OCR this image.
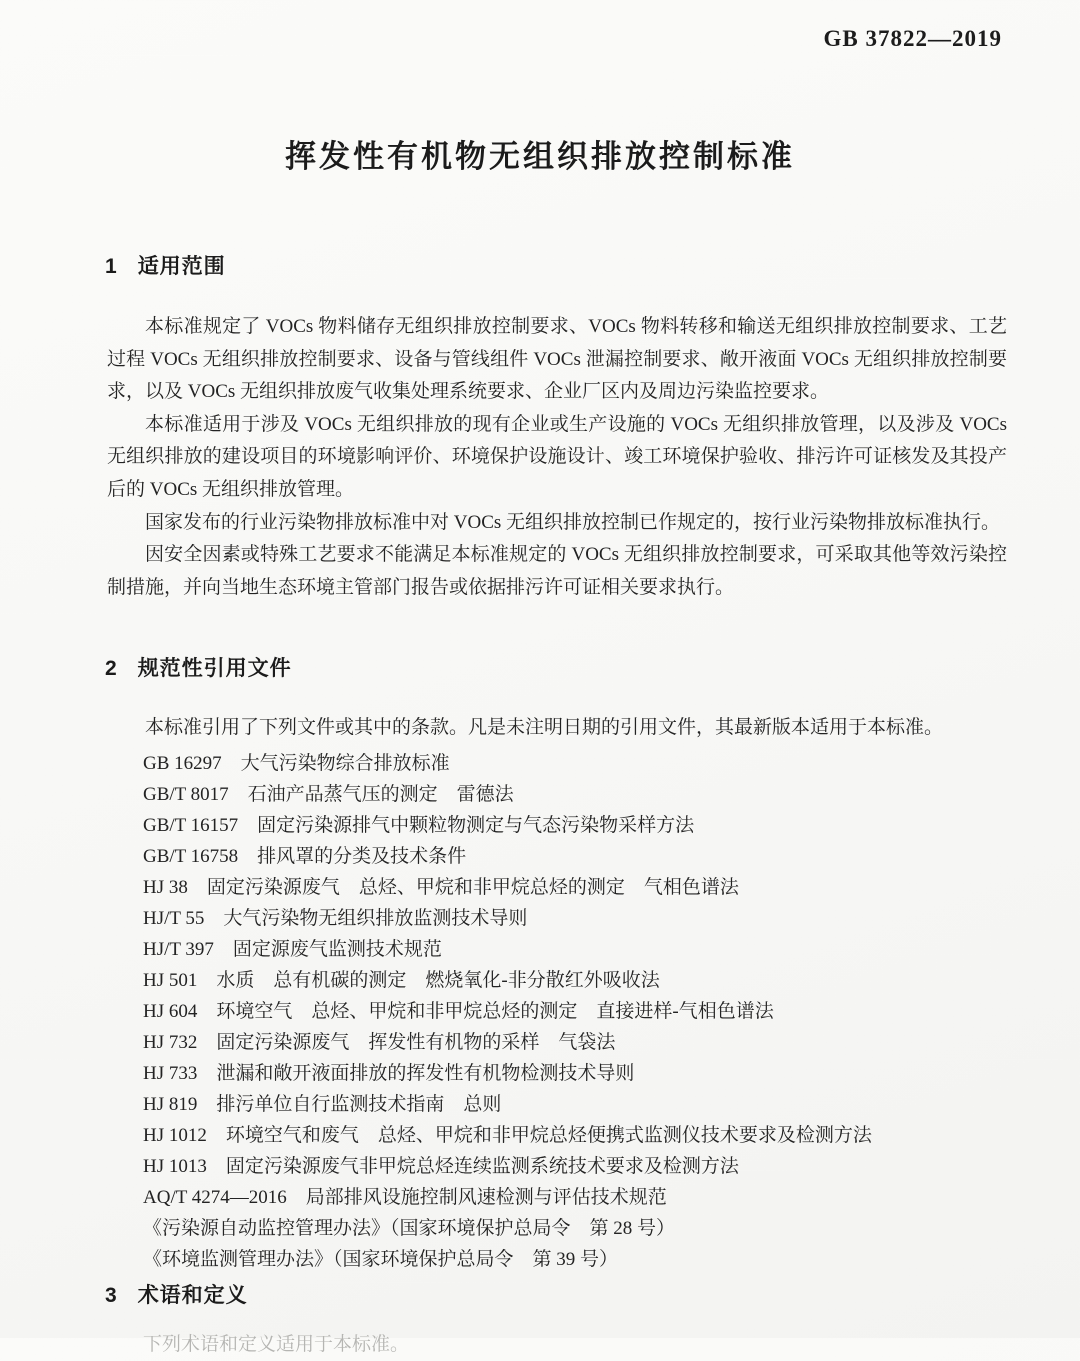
GB 37822—2019
挥发性有机物无组织排放控制标准
1 适用范围

本标准规定了 VOCs 物料储存无组织排放控制要求、VOCs 物料转移和输送无组织排放控制要求、工艺过程 VOCs 无组织排放控制要求、设备与管线组件 VOCs 泄漏控制要求、敞开液面 VOCs 无组织排放控制要求，以及 VOCs 无组织排放废气收集处理系统要求、企业厂区内及周边污染监控要求。

本标准适用于涉及 VOCs 无组织排放的现有企业或生产设施的 VOCs 无组织排放管理，以及涉及 VOCs 无组织排放的建设项目的环境影响评价、环境保护设施设计、竣工环境保护验收、排污许可证核发及其投产后的 VOCs 无组织排放管理。

国家发布的行业污染物排放标准中对 VOCs 无组织排放控制已作规定的，按行业污染物排放标准执行。

因安全因素或特殊工艺要求不能满足本标准规定的 VOCs 无组织排放控制要求，可采取其他等效污染控制措施，并向当地生态环境主管部门报告或依据排污许可证相关要求执行。

2 规范性引用文件

本标准引用了下列文件或其中的条款。凡是未注明日期的引用文件，其最新版本适用于本标准。

GB 16297　大气污染物综合排放标准
GB/T 8017　石油产品蒸气压的测定　雷德法
GB/T 16157　固定污染源排气中颗粒物测定与气态污染物采样方法
GB/T 16758　排风罩的分类及技术条件
HJ 38　固定污染源废气　总烃、甲烷和非甲烷总烃的测定　气相色谱法
HJ/T 55　大气污染物无组织排放监测技术导则
HJ/T 397　固定源废气监测技术规范
HJ 501　水质　总有机碳的测定　燃烧氧化-非分散红外吸收法
HJ 604　环境空气　总烃、甲烷和非甲烷总烃的测定　直接进样-气相色谱法
HJ 732　固定污染源废气　挥发性有机物的采样　气袋法
HJ 733　泄漏和敞开液面排放的挥发性有机物检测技术导则
HJ 819　排污单位自行监测技术指南　总则
HJ 1012　环境空气和废气　总烃、甲烷和非甲烷总烃便携式监测仪技术要求及检测方法
HJ 1013　固定污染源废气非甲烷总烃连续监测系统技术要求及检测方法
AQ/T 4274—2016　局部排风设施控制风速检测与评估技术规范
《污染源自动监控管理办法》（国家环境保护总局令　第 28 号）
《环境监测管理办法》（国家环境保护总局令　第 39 号）
3 术语和定义
下列术语和定义适用于本标准。
